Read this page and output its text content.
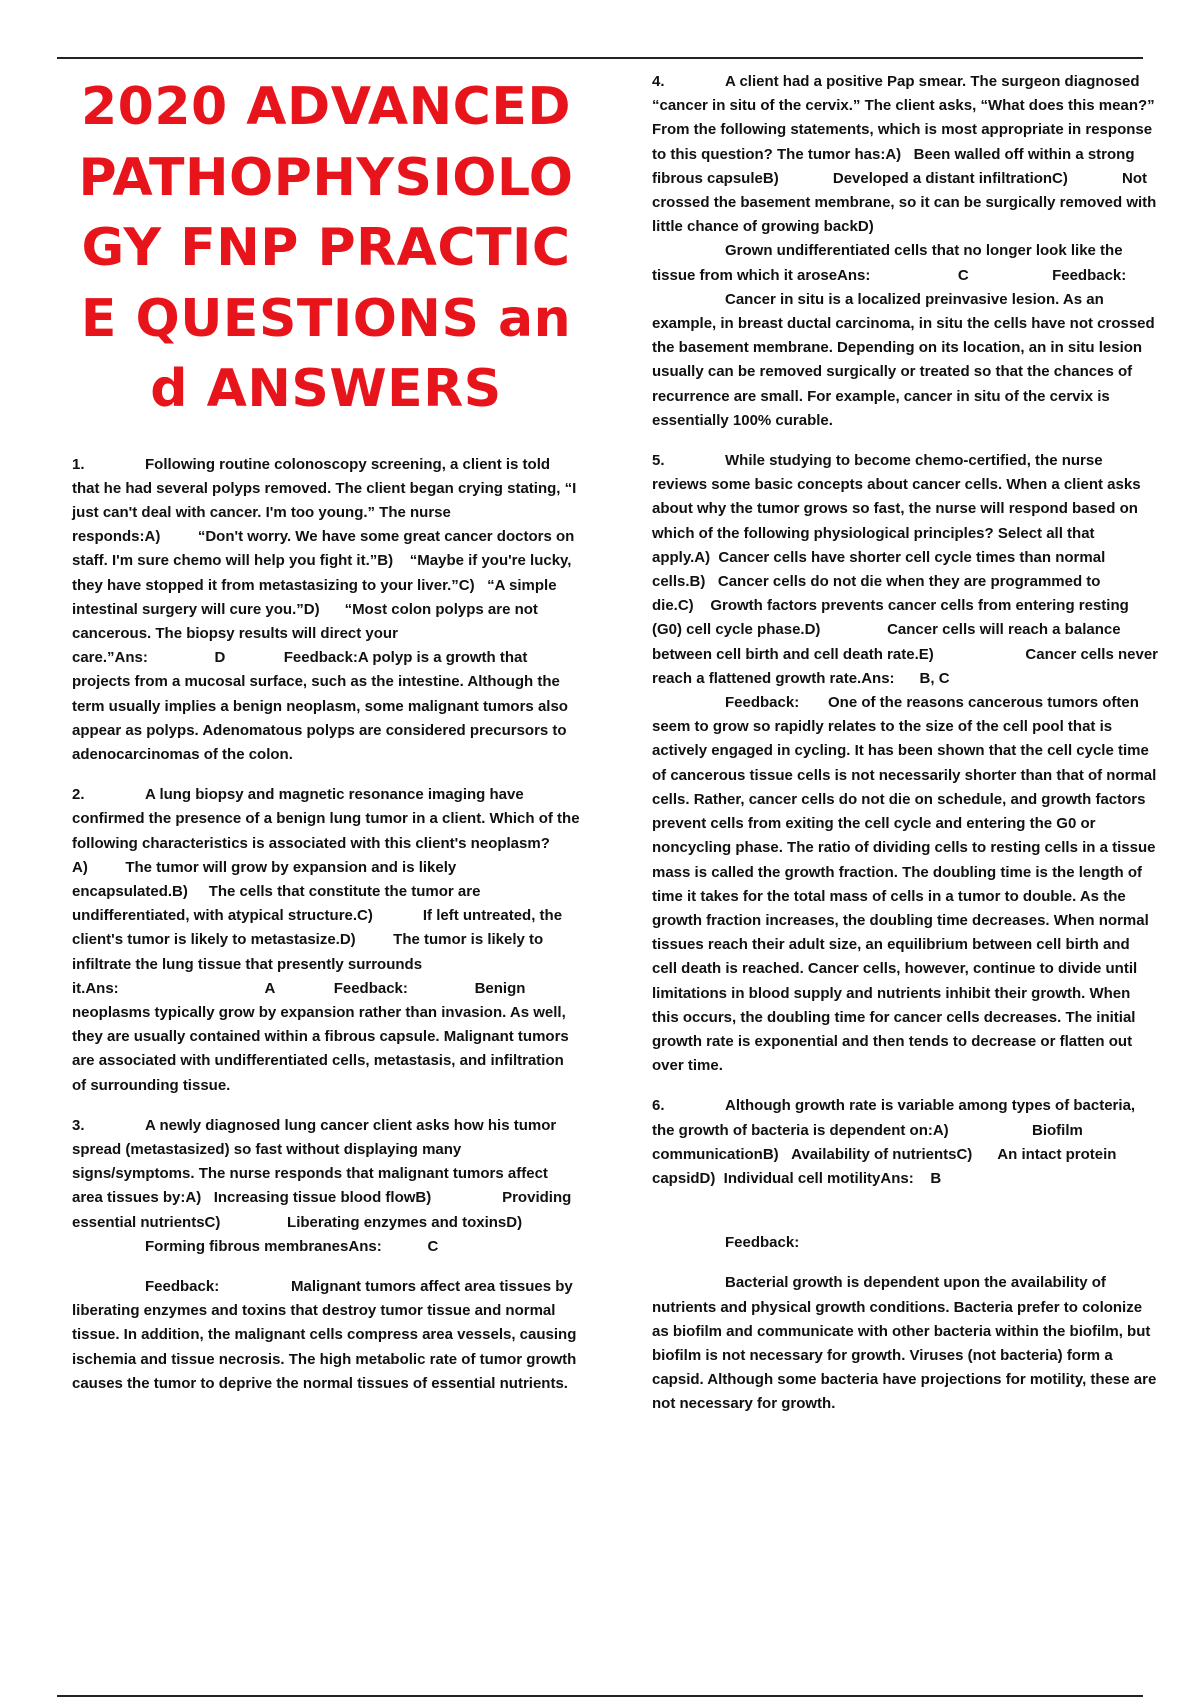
2020 ADVANCED PATHOPHYSIOLOGY FNP PRACTICE QUESTIONS and ANSWERS
1.	Following routine colonoscopy screening, a client is told that he had several polyps removed. The client began crying stating, “I just can't deal with cancer. I'm too young.” The nurse responds:A)         “Don't worry. We have some great cancer doctors on staff. I'm sure chemo will help you fight it.”B)    “Maybe if you're lucky, they have stopped it from metastasizing to your liver.”C)   “A simple intestinal surgery will cure you.”D)      “Most colon polyps are not cancerous. The biopsy results will direct your care.”Ans:                D              Feedback:A polyp is a growth that projects from a mucosal surface, such as the intestine. Although the term usually implies a benign neoplasm, some malignant tumors also appear as polyps. Adenomatous polyps are considered precursors to adenocarcinomas of the colon.
2.	A lung biopsy and magnetic resonance imaging have confirmed the presence of a benign lung tumor in a client. Which of the following characteristics is associated with this client's neoplasm?A)         The tumor will grow by expansion and is likely encapsulated.B)     The cells that constitute the tumor are undifferentiated, with atypical structure.C)            If left untreated, the client's tumor is likely to metastasize.D)         The tumor is likely to infiltrate the lung tissue that presently surrounds it.Ans:                                   A              Feedback:                Benign neoplasms typically grow by expansion rather than invasion. As well, they are usually contained within a fibrous capsule. Malignant tumors are associated with undifferentiated cells, metastasis, and infiltration of surrounding tissue.
3.	A newly diagnosed lung cancer client asks how his tumor spread (metastasized) so fast without displaying many signs/symptoms. The nurse responds that malignant tumors affect area tissues by:A)   Increasing tissue blood flowB)                 Providing essential nutrientsC)                Liberating enzymes and toxinsD)
Forming fibrous membranesAns:           C
Feedback:	Malignant tumors affect area tissues by liberating enzymes and toxins that destroy tumor tissue and normal tissue. In addition, the malignant cells compress area vessels, causing ischemia and tissue necrosis. The high metabolic rate of tumor growth causes the tumor to deprive the normal tissues of essential nutrients.
4.	A client had a positive Pap smear. The surgeon diagnosed “cancer in situ of the cervix.” The client asks, “What does this mean?” From the following statements, which is most appropriate in response to this question? The tumor has:A)   Been walled off within a strong fibrous capsuleB)             Developed a distant infiltrationC)             Not crossed the basement membrane, so it can be surgically removed with little chance of growing backD)
Grown undifferentiated cells that no longer look like the tissue from which it aroseAns:                     C                    Feedback:
Cancer in situ is a localized preinvasive lesion. As an example, in breast ductal carcinoma, in situ the cells have not crossed the basement membrane. Depending on its location, an in situ lesion usually can be removed surgically or treated so that the chances of recurrence are small. For example, cancer in situ of the cervix is essentially 100% curable.
5.	While studying to become chemo-certified, the nurse reviews some basic concepts about cancer cells. When a client asks about why the tumor grows so fast, the nurse will respond based on which of the following physiological principles? Select all that apply.A)  Cancer cells have shorter cell cycle times than normal cells.B)   Cancer cells do not die when they are programmed to die.C)    Growth factors prevents cancer cells from entering resting (G0) cell cycle phase.D)                Cancer cells will reach a balance between cell birth and cell death rate.E)                      Cancer cells never reach a flattened growth rate.Ans:      B, C
Feedback: One of the reasons cancerous tumors often seem to grow so rapidly relates to the size of the cell pool that is actively engaged in cycling. It has been shown that the cell cycle time of cancerous tissue cells is not necessarily shorter than that of normal cells. Rather, cancer cells do not die on schedule, and growth factors prevent cells from exiting the cell cycle and entering the G0 or noncycling phase. The ratio of dividing cells to resting cells in a tissue mass is called the growth fraction. The doubling time is the length of time it takes for the total mass of cells in a tumor to double. As the growth fraction increases, the doubling time decreases. When normal tissues reach their adult size, an equilibrium between cell birth and cell death is reached. Cancer cells, however, continue to divide until limitations in blood supply and nutrients inhibit their growth. When this occurs, the doubling time for cancer cells decreases. The initial growth rate is exponential and then tends to decrease or flatten out over time.
6.	Although growth rate is variable among types of bacteria, the growth of bacteria is dependent on:A)                    Biofilm communicationB)   Availability of nutrientsC)      An intact protein capsidD)  Individual cell motilityAns:    B
Feedback:
Bacterial growth is dependent upon the availability of nutrients and physical growth conditions. Bacteria prefer to colonize as biofilm and communicate with other bacteria within the biofilm, but biofilm is not necessary for growth. Viruses (not bacteria) form a capsid. Although some bacteria have projections for motility, these are not necessary for growth.
